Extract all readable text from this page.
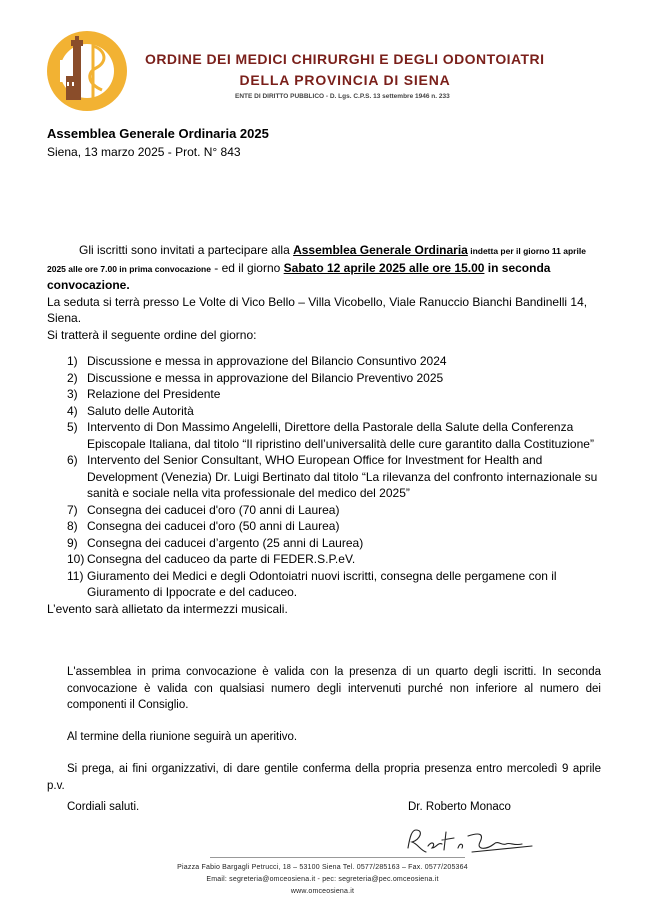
ORDINE DEI MEDICI CHIRURGHI E DEGLI ODONTOIATRI
DELLA PROVINCIA DI SIENA
ENTE DI DIRITTO PUBBLICO - D. Lgs. C.P.S. 13 settembre 1946 n. 233
Assemblea Generale Ordinaria 2025
Siena, 13 marzo 2025 - Prot. N° 843

Gli iscritti sono invitati a partecipare alla Assemblea Generale Ordinaria indetta per il giorno 11 aprile 2025 alle ore 7.00 in prima convocazione - ed il giorno Sabato 12 aprile 2025 alle ore 15.00 in seconda convocazione.

La seduta si terrà presso Le Volte di Vico Bello – Villa Vicobello, Viale Ranuccio Bianchi Bandinelli 14, Siena.

Si tratterà il seguente ordine del giorno:

1) Discussione e messa in approvazione del Bilancio Consuntivo 2024
2) Discussione e messa in approvazione del Bilancio Preventivo 2025
3) Relazione del Presidente
4) Saluto delle Autorità
5) Intervento di Don Massimo Angelelli, Direttore della Pastorale della Salute della Conferenza Episcopale Italiana, dal titolo “Il ripristino dell’universalità delle cure garantito dalla Costituzione”
6) Intervento del Senior Consultant, WHO European Office for Investment for Health and Development (Venezia) Dr. Luigi Bertinato dal titolo “La rilevanza del confronto internazionale su sanità e sociale nella vita professionale del medico del 2025”
7) Consegna dei caducei d'oro (70 anni di Laurea)
8) Consegna dei caducei d'oro (50 anni di Laurea)
9) Consegna dei caducei d’argento (25 anni di Laurea)
10) Consegna del caduceo da parte di FEDER.S.P.eV.
11) Giuramento dei Medici e degli Odontoiatri nuovi iscritti, consegna delle pergamene con il Giuramento di Ippocrate e del caduceo.

L’evento sarà allietato da intermezzi musicali.

L'assemblea in prima convocazione è valida con la presenza di un quarto degli iscritti. In seconda convocazione è valida con qualsiasi numero degli intervenuti purché non inferiore al numero dei componenti il Consiglio.

Al termine della riunione seguirà un aperitivo.

Si prega, ai fini organizzativi, di dare gentile conferma della propria presenza entro mercoledì 9 aprile p.v.

Cordiali saluti.	Dr. Roberto Monaco
Piazza Fabio Bargagli Petrucci, 18 – 53100 Siena Tel. 0577/285163 – Fax. 0577/205364
Email: segreteria@omceosiena.it - pec: segreteria@pec.omceosiena.it
www.omceosiena.it
